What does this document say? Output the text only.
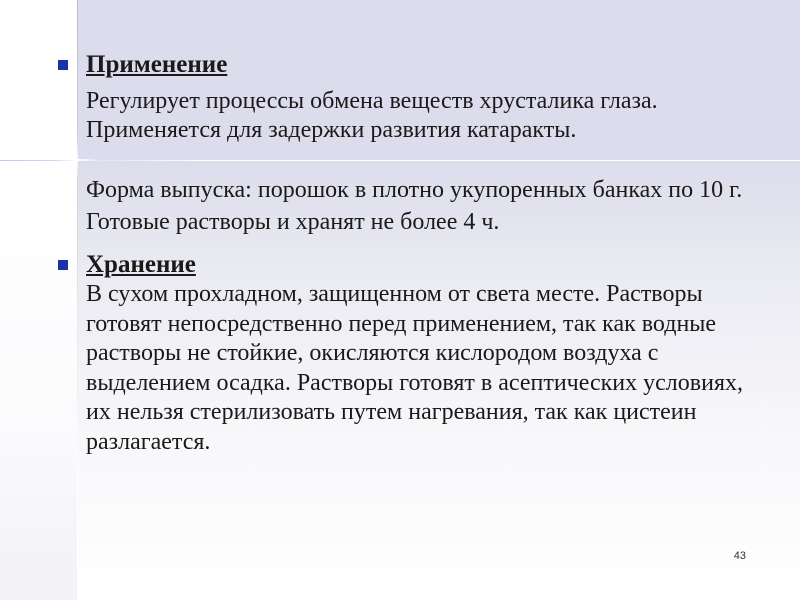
Применение

Регулирует процессы обмена веществ хрусталика глаза. Применяется для задержки развития катаракты.

Форма выпуска: порошок в плотно укупоренных банках по 10 г. Готовые растворы и хранят не более 4 ч.

Хранение

В сухом прохладном, защищенном от света месте. Растворы готовят непосредственно перед применением, так как водные растворы не стойкие, окисляются кислородом воздуха с выделением осадка. Растворы готовят в асептических условиях, их нельзя стерилизовать путем нагревания, так как цистеин разлагается.

43
